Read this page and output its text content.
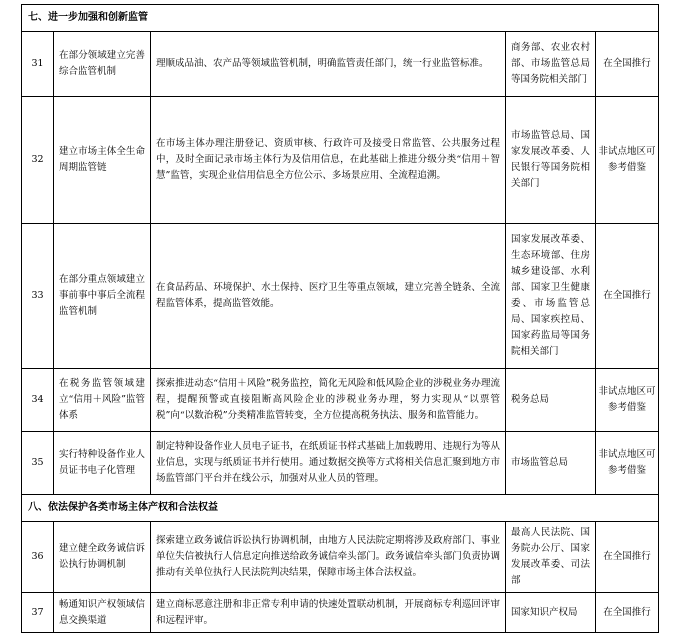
七、进一步加强和创新监管				
31	在部分领域建立完善综合监管机制	理顺成品油、农产品等领域监管机制，明确监管责任部门，统一行业监管标准。	商务部、农业农村部、市场监管总局等国务院相关部门	在全国推行
32	建立市场主体全生命周期监管链	在市场主体办理注册登记、资质审核、行政许可及接受日常监管、公共服务过程中，及时全面记录市场主体行为及信用信息，在此基础上推进分级分类“信用＋智慧”监管，实现企业信用信息全方位公示、多场景应用、全流程追溯。	市场监管总局、国家发展改革委、人民银行等国务院相关部门	非试点地区可参考借鉴
33	在部分重点领域建立事前事中事后全流程监管机制	在食品药品、环境保护、水土保持、医疗卫生等重点领域，建立完善全链条、全流程监管体系，提高监管效能。	国家发展改革委、生态环境部、住房城乡建设部、水利部、国家卫生健康委、市场监管总局、国家疾控局、国家药监局等国务院相关部门	在全国推行
34	在税务监管领域建立“信用＋风险”监管体系	探索推进动态“信用＋风险”税务监控，简化无风险和低风险企业的涉税业务办理流程，提醒预警或直接阻断高风险企业的涉税业务办理，努力实现从“以票管税”向“以数治税”分类精准监管转变，全方位提高税务执法、服务和监管能力。	税务总局	非试点地区可参考借鉴
35	实行特种设备作业人员证书电子化管理	制定特种设备作业人员电子证书，在纸质证书样式基础上加载聘用、违规行为等从业信息，实现与纸质证书并行使用。通过数据交换等方式将相关信息汇聚到地方市场监管部门平台并在线公示，加强对从业人员的管理。	市场监管总局	非试点地区可参考借鉴
八、依法保护各类市场主体产权和合法权益				
36	建立健全政务诚信诉讼执行协调机制	探索建立政务诚信诉讼执行协调机制，由地方人民法院定期将涉及政府部门、事业单位失信被执行人信息定向推送给政务诚信牵头部门。政务诚信牵头部门负责协调推动有关单位执行人民法院判决结果，保障市场主体合法权益。	最高人民法院、国务院办公厅、国家发展改革委、司法部	在全国推行
37	畅通知识产权领域信息交换渠道	建立商标恶意注册和非正常专利申请的快速处置联动机制，开展商标专利巡回评审和远程评审。	国家知识产权局	在全国推行
